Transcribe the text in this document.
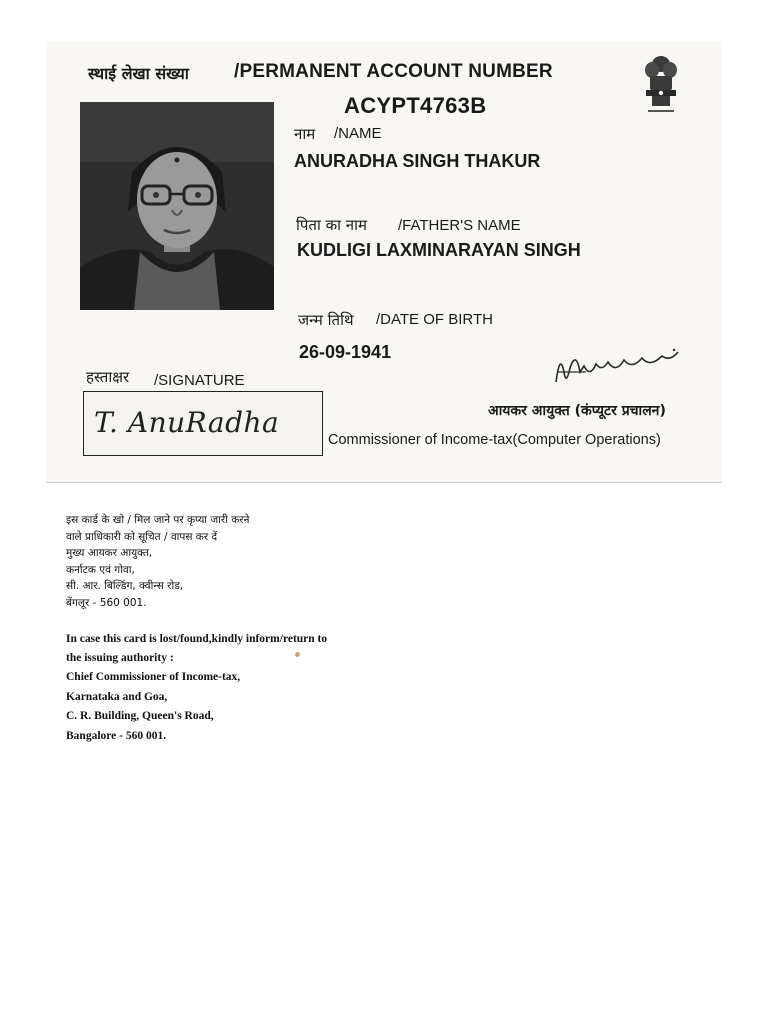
स्थाई लेखा संख्या /PERMANENT ACCOUNT NUMBER
ACYPT4763B
नाम /NAME
ANURADHA SINGH THAKUR
पिता का नाम /FATHER'S NAME
KUDLIGI LAXMINARAYAN SINGH
जन्म तिथि /DATE OF BIRTH
26-09-1941
हस्ताक्षर /SIGNATURE
आयकर आयुक्त (कंप्यूटर प्रचालन)
T. AnuRadha
Commissioner of Income-tax(Computer Operations)
इस कार्ड के खो / मिल जाने पर कृप्या जारी करने
वाले प्राधिकारी को सूचित / वापस कर दें
मुख्य आयकर आयुक्त,
कर्नाटक एवं गोवा,
सी. आर. बिल्डिंग, क्वीन्स रोड,
बेंगलूर - 560 001.
In case this card is lost/found,kindly inform/return to
the issuing authority :
Chief Commissioner of Income-tax,
Karnataka and Goa,
C. R. Building, Queen's Road,
Bangalore - 560 001.
